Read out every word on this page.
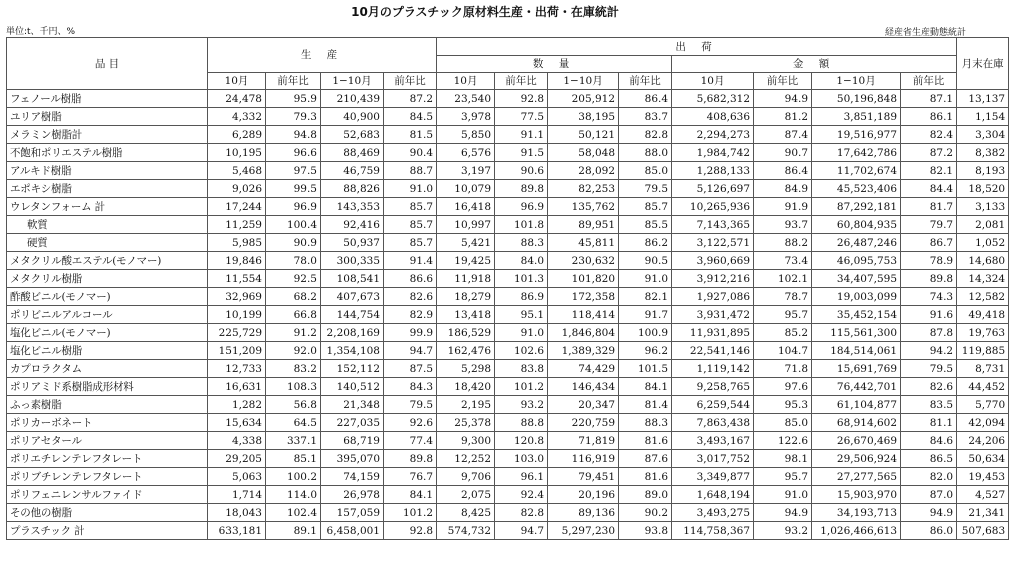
10月のプラスチック原材料生産・出荷・在庫統計
単位:t、千円、%	経産省生産動態統計
品 目	生 産				出 荷								月末在庫
					数 量				金 額				
	10月	前年比	1−10月	前年比	10月	前年比	1−10月	前年比	10月	前年比	1−10月	前年比	
フェノール樹脂	24,478	95.9	210,439	87.2	23,540	92.8	205,912	86.4	5,682,312	94.9	50,196,848	87.1	13,137
ユリア樹脂	4,332	79.3	40,900	84.5	3,978	77.5	38,195	83.7	408,636	81.2	3,851,189	86.1	1,154
メラミン樹脂計	6,289	94.8	52,683	81.5	5,850	91.1	50,121	82.8	2,294,273	87.4	19,516,977	82.4	3,304
不飽和ポリエステル樹脂	10,195	96.6	88,469	90.4	6,576	91.5	58,048	88.0	1,984,742	90.7	17,642,786	87.2	8,382
アルキド樹脂	5,468	97.5	46,759	88.7	3,197	90.6	28,092	85.0	1,288,133	86.4	11,702,674	82.1	8,193
エポキシ樹脂	9,026	99.5	88,826	91.0	10,079	89.8	82,253	79.5	5,126,697	84.9	45,523,406	84.4	18,520
ウレタンフォーム 計	17,244	96.9	143,353	85.7	16,418	96.9	135,762	85.7	10,265,936	91.9	87,292,181	81.7	3,133
軟質	11,259	100.4	92,416	85.7	10,997	101.8	89,951	85.5	7,143,365	93.7	60,804,935	79.7	2,081
硬質	5,985	90.9	50,937	85.7	5,421	88.3	45,811	86.2	3,122,571	88.2	26,487,246	86.7	1,052
メタクリル酸エステル(モノマー)	19,846	78.0	300,335	91.4	19,425	84.0	230,632	90.5	3,960,669	73.4	46,095,753	78.9	14,680
メタクリル樹脂	11,554	92.5	108,541	86.6	11,918	101.3	101,820	91.0	3,912,216	102.1	34,407,595	89.8	14,324
酢酸ビニル(モノマー)	32,969	68.2	407,673	82.6	18,279	86.9	172,358	82.1	1,927,086	78.7	19,003,099	74.3	12,582
ポリビニルアルコール	10,199	66.8	144,754	82.9	13,418	95.1	118,414	91.7	3,931,472	95.7	35,452,154	91.6	49,418
塩化ビニル(モノマー)	225,729	91.2	2,208,169	99.9	186,529	91.0	1,846,804	100.9	11,931,895	85.2	115,561,300	87.8	19,763
塩化ビニル樹脂	151,209	92.0	1,354,108	94.7	162,476	102.6	1,389,329	96.2	22,541,146	104.7	184,514,061	94.2	119,885
カプロラクタム	12,733	83.2	152,112	87.5	5,298	83.8	74,429	101.5	1,119,142	71.8	15,691,769	79.5	8,731
ポリアミド系樹脂成形材料	16,631	108.3	140,512	84.3	18,420	101.2	146,434	84.1	9,258,765	97.6	76,442,701	82.6	44,452
ふっ素樹脂	1,282	56.8	21,348	79.5	2,195	93.2	20,347	81.4	6,259,544	95.3	61,104,877	83.5	5,770
ポリカーボネート	15,634	64.5	227,035	92.6	25,378	88.8	220,759	88.3	7,863,438	85.0	68,914,602	81.1	42,094
ポリアセタール	4,338	337.1	68,719	77.4	9,300	120.8	71,819	81.6	3,493,167	122.6	26,670,469	84.6	24,206
ポリエチレンテレフタレート	29,205	85.1	395,070	89.8	12,252	103.0	116,919	87.6	3,017,752	98.1	29,506,924	86.5	50,634
ポリブチレンテレフタレート	5,063	100.2	74,159	76.7	9,706	96.1	79,451	81.6	3,349,877	95.7	27,277,565	82.0	19,453
ポリフェニレンサルファイド	1,714	114.0	26,978	84.1	2,075	92.4	20,196	89.0	1,648,194	91.0	15,903,970	87.0	4,527
その他の樹脂	18,043	102.4	157,059	101.2	8,425	82.8	89,136	90.2	3,493,275	94.9	34,193,713	94.9	21,341
プラスチック 計	633,181	89.1	6,458,001	92.8	574,732	94.7	5,297,230	93.8	114,758,367	93.2	1,026,466,613	86.0	507,683
